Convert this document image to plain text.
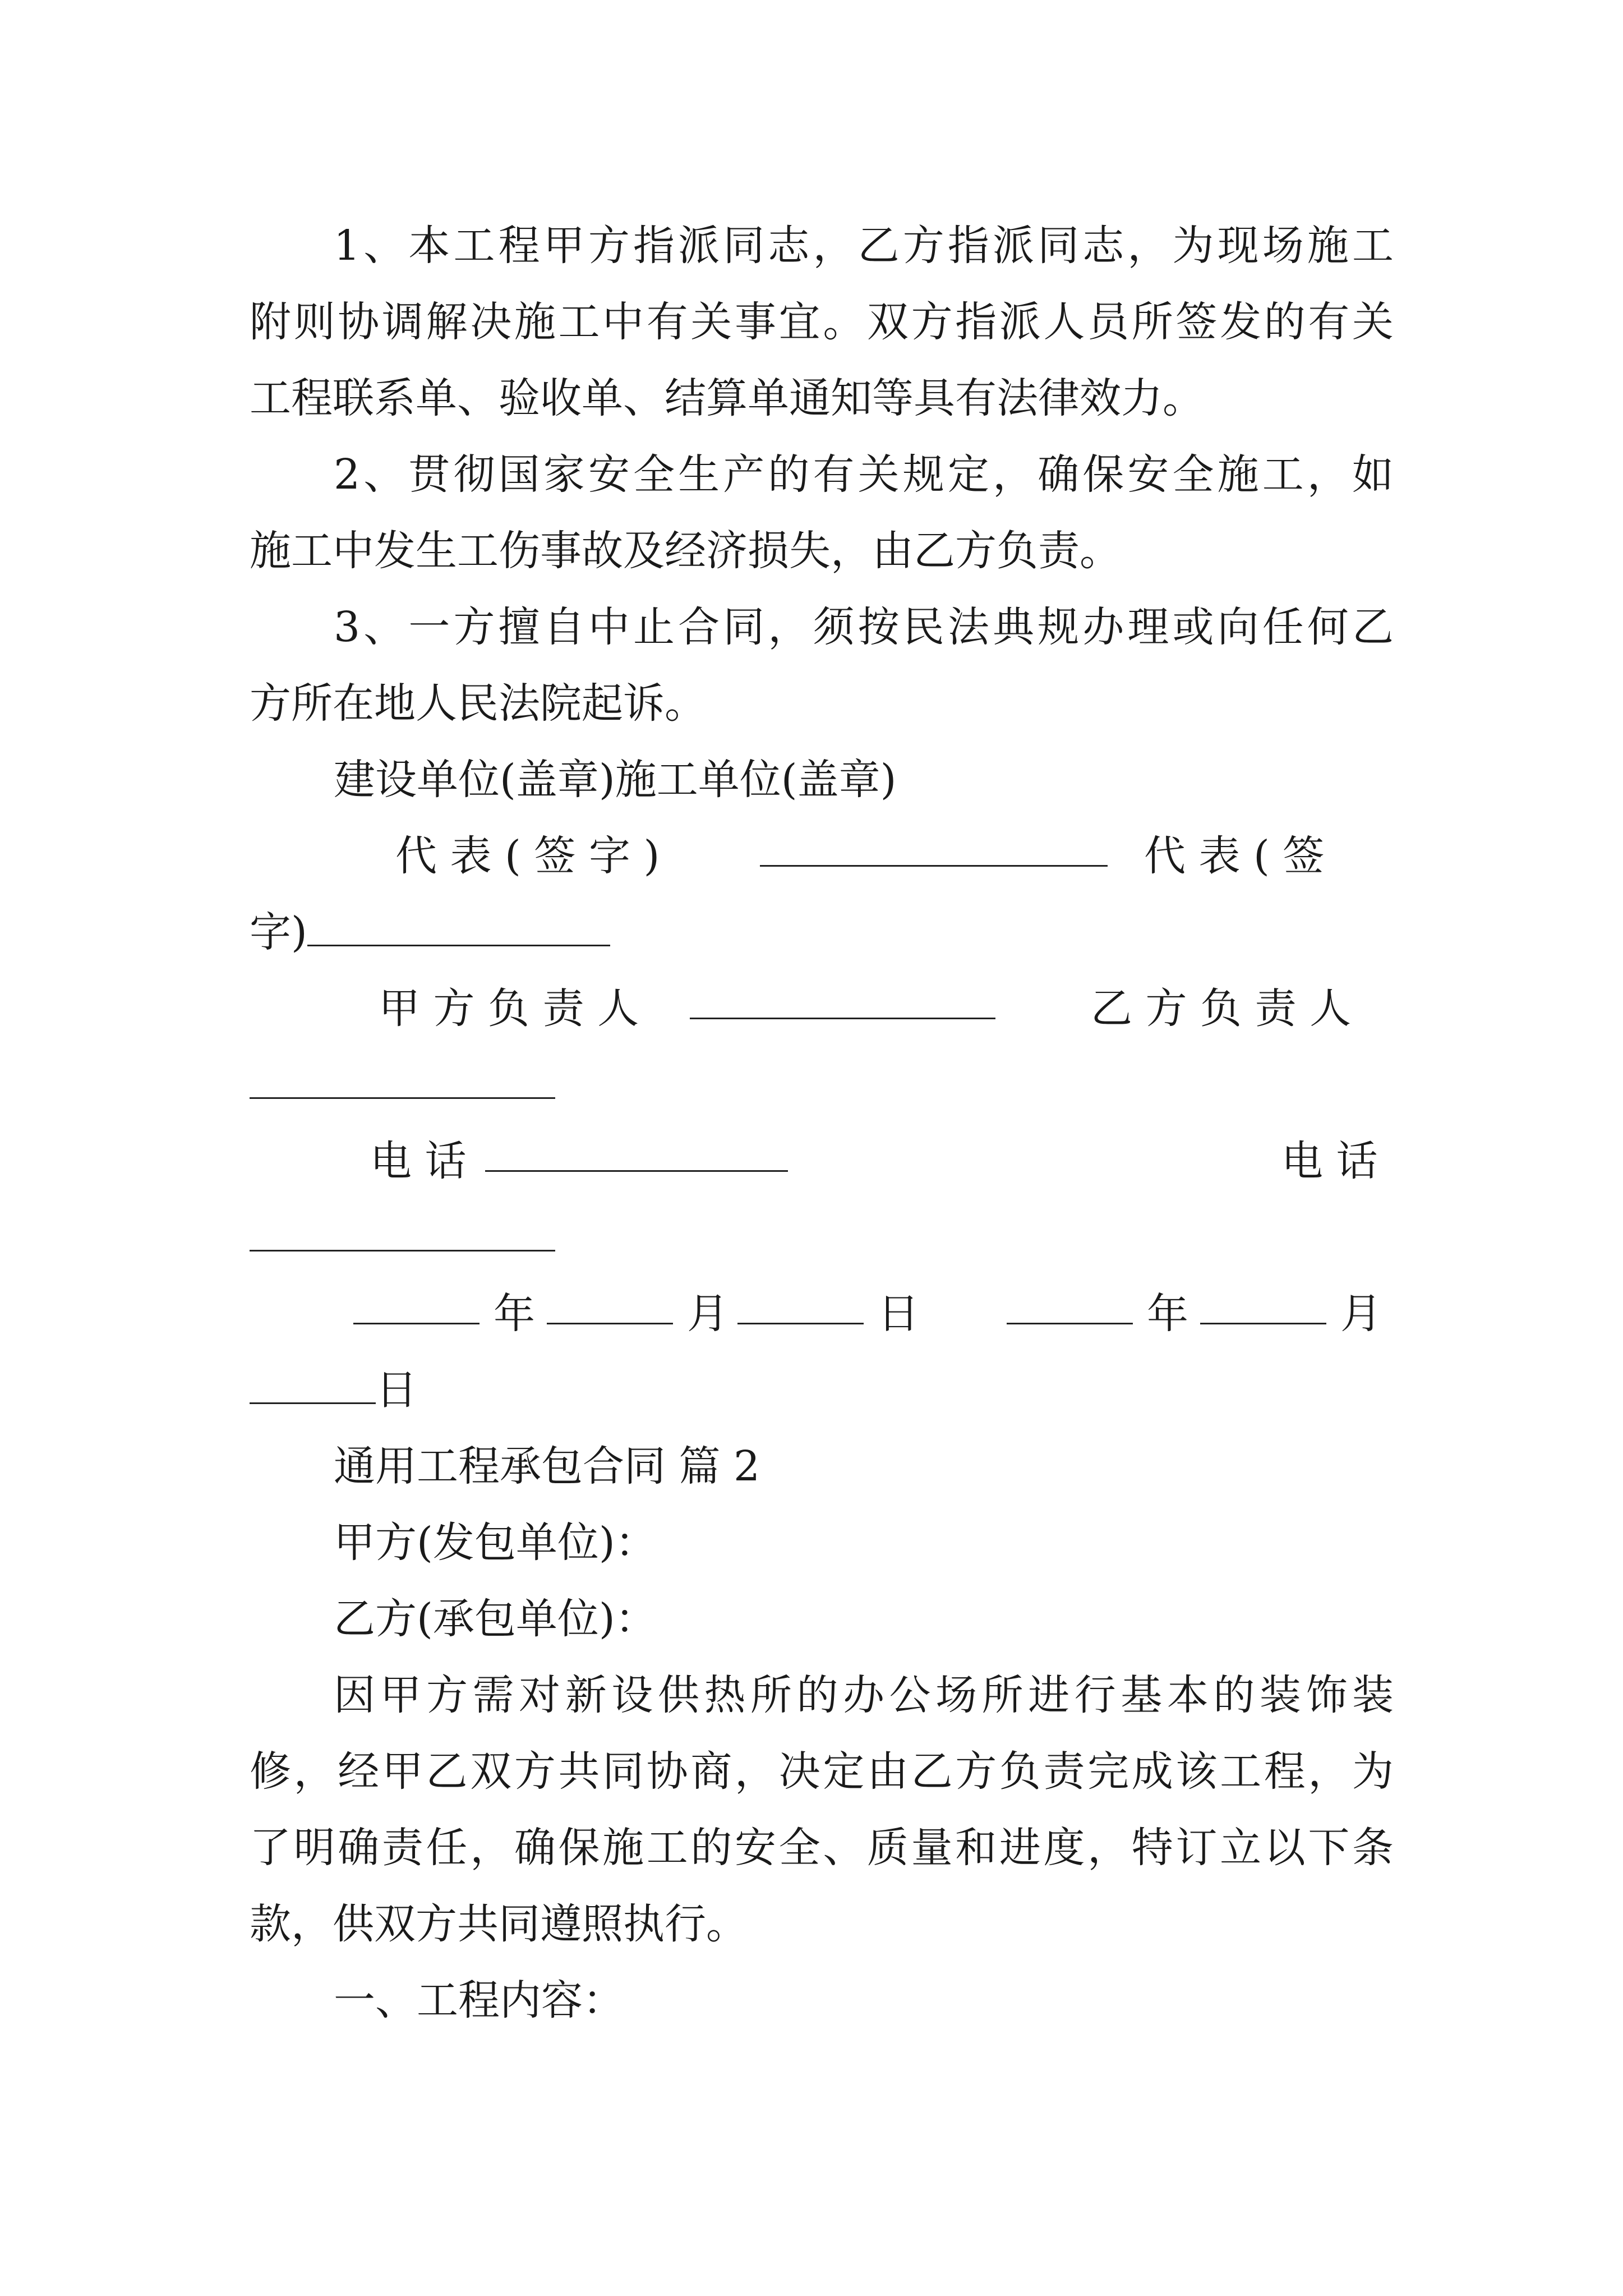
1、本工程甲方指派同志，乙方指派同志，为现场施工
附则协调解决施工中有关事宜。双方指派人员所签发的有关
工程联系单、验收单、结算单通知等具有法律效力。
2、贯彻国家安全生产的有关规定，确保安全施工，如
施工中发生工伤事故及经济损失，由乙方负责。
3、一方擅自中止合同，须按民法典规办理或向任何乙
方所在地人民法院起诉。
建设单位(盖章)施工单位(盖章)
代 表 ( 签 字 )	代 表 ( 签
字)
甲 方 负 责 人	乙 方 负 责 人
电 话	电 话
年	月	日	年	月
日
通用工程承包合同 篇 2
甲方(发包单位)：
乙方(承包单位)：
因甲方需对新设供热所的办公场所进行基本的装饰装
修，经甲乙双方共同协商，决定由乙方负责完成该工程，为
了明确责任，确保施工的安全、质量和进度，特订立以下条
款，供双方共同遵照执行。
一、工程内容：
